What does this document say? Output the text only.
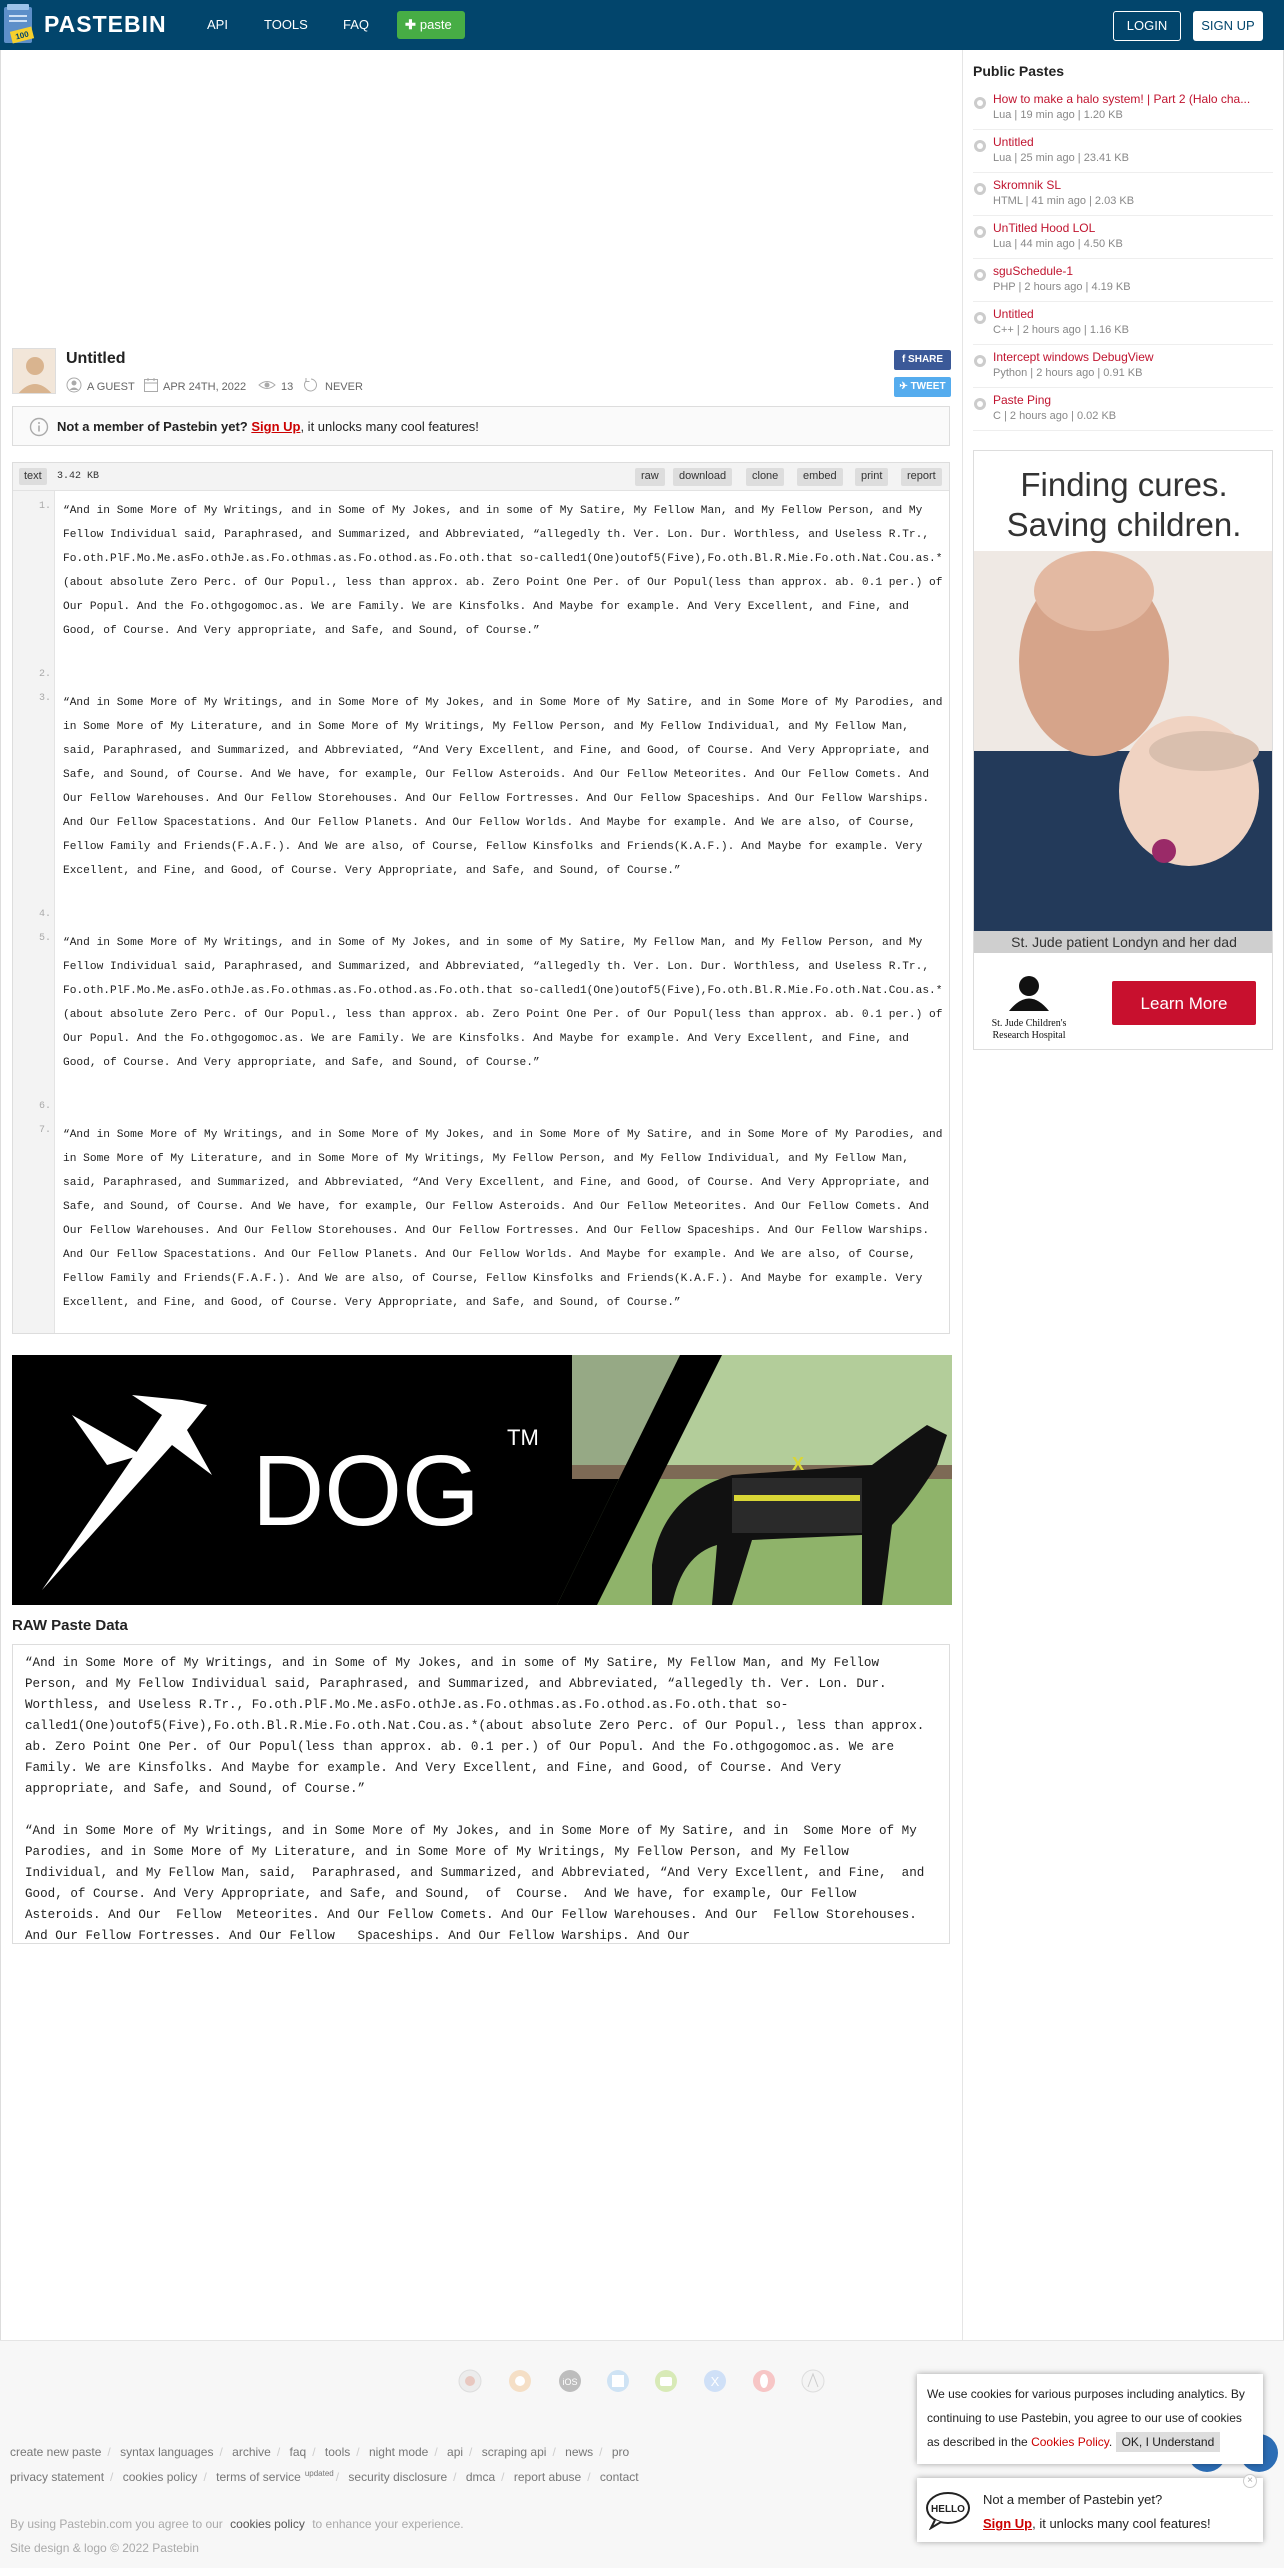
100 PASTEBIN	API	TOOLS	FAQ	✚ paste	LOGIN	SIGN UP
Untitled
A GUEST	APR 24TH, 2022	13	NEVER
f SHARE
✈ TWEET
Not a member of Pastebin yet? Sign Up, it unlocks many cool features!
text	3.42 KB	raw	download	clone	embed	print	report
1.
2.
3.
4.
5.
6.
7.

“And in Some More of My Writings, and in Some of My Jokes, and in some of My Satire, My Fellow Man, and My Fellow Person, and My Fellow Individual said, Paraphrased, and Summarized, and Abbreviated, “allegedly th. Ver. Lon. Dur. Worthless, and Useless R.Tr., Fo.oth.PlF.Mo.Me.asFo.othJe.as.Fo.othmas.as.Fo.othod.as.Fo.oth.that so-called1(One)outof5(Five),Fo.oth.Bl.R.Mie.Fo.oth.Nat.Cou.as.*(about absolute Zero Perc. of Our Popul., less than approx. ab. Zero Point One Per. of Our Popul(less than approx. ab. 0.1 per.) of Our Popul. And the Fo.othgogomoc.as. We are Family. We are Kinsfolks. And Maybe for example. And Very Excellent, and Fine, and Good, of Course. And Very appropriate, and Safe, and Sound, of Course.”

“And in Some More of My Writings, and in Some More of My Jokes, and in Some More of My Satire, and in Some More of My Parodies, and in Some More of My Literature, and in Some More of My Writings, My Fellow Person, and My Fellow Individual, and My Fellow Man, said, Paraphrased, and Summarized, and Abbreviated, “And Very Excellent, and Fine, and Good, of Course. And Very Appropriate, and Safe, and Sound, of Course. And We have, for example, Our Fellow Asteroids. And Our Fellow Meteorites. And Our Fellow Comets. And Our Fellow Warehouses. And Our Fellow Storehouses. And Our Fellow Fortresses. And Our Fellow Spaceships. And Our Fellow Warships. And Our Fellow Spacestations. And Our Fellow Planets. And Our Fellow Worlds. And Maybe for example. And We are also, of Course, Fellow Family and Friends(F.A.F.). And We are also, of Course, Fellow Kinsfolks and Friends(K.A.F.). And Maybe for example. Very Excellent, and Fine, and Good, of Course. Very Appropriate, and Safe, and Sound, of Course.”

“And in Some More of My Writings, and in Some of My Jokes, and in some of My Satire, My Fellow Man, and My Fellow Person, and My Fellow Individual said, Paraphrased, and Summarized, and Abbreviated, “allegedly th. Ver. Lon. Dur. Worthless, and Useless R.Tr., Fo.oth.PlF.Mo.Me.asFo.othJe.as.Fo.othmas.as.Fo.othod.as.Fo.oth.that so-called1(One)outof5(Five),Fo.oth.Bl.R.Mie.Fo.oth.Nat.Cou.as.*(about absolute Zero Perc. of Our Popul., less than approx. ab. Zero Point One Per. of Our Popul(less than approx. ab. 0.1 per.) of Our Popul. And the Fo.othgogomoc.as. We are Family. We are Kinsfolks. And Maybe for example. And Very Excellent, and Fine, and Good, of Course. And Very appropriate, and Safe, and Sound, of Course.”

“And in Some More of My Writings, and in Some More of My Jokes, and in Some More of My Satire, and in Some More of My Parodies, and in Some More of My Literature, and in Some More of My Writings, My Fellow Person, and My Fellow Individual, and My Fellow Man, said, Paraphrased, and Summarized, and Abbreviated, “And Very Excellent, and Fine, and Good, of Course. And Very Appropriate, and Safe, and Sound, of Course. And We have, for example, Our Fellow Asteroids. And Our Fellow Meteorites. And Our Fellow Comets. And Our Fellow Warehouses. And Our Fellow Storehouses. And Our Fellow Fortresses. And Our Fellow Spaceships. And Our Fellow Warships. And Our Fellow Spacestations. And Our Fellow Planets. And Our Fellow Worlds. And Maybe for example. And We are also, of Course, Fellow Family and Friends(F.A.F.). And We are also, of Course, Fellow Kinsfolks and Friends(K.A.F.). And Maybe for example. Very Excellent, and Fine, and Good, of Course. Very Appropriate, and Safe, and Sound, of Course.”

X
DOG TM
RAW Paste Data
“And in Some More of My Writings, and in Some of My Jokes, and in some of My Satire, My Fellow Man, and My Fellow Person, and My Fellow Individual said, Paraphrased, and Summarized, and Abbreviated, “allegedly th. Ver. Lon. Dur. Worthless, and Useless R.Tr., Fo.oth.PlF.Mo.Me.asFo.othJe.as.Fo.othmas.as.Fo.othod.as.Fo.oth.that so-called1(One)outof5(Five),Fo.oth.Bl.R.Mie.Fo.oth.Nat.Cou.as.*(about absolute Zero Perc. of Our Popul., less than approx. ab. Zero Point One Per. of Our Popul(less than approx. ab. 0.1 per.) of Our Popul. And the Fo.othgogomoc.as. We are Family. We are Kinsfolks. And Maybe for example. And Very Excellent, and Fine, and Good, of Course. And Very appropriate, and Safe, and Sound, of Course.”

“And in Some More of My Writings, and in Some More of My Jokes, and in Some More of My Satire, and in  Some More of My Parodies, and in Some More of My Literature, and in Some More of My Writings, My Fellow Person, and My Fellow Individual, and My Fellow Man, said,  Paraphrased, and Summarized, and Abbreviated, “And Very Excellent, and Fine,  and Good, of Course. And Very Appropriate, and Safe, and Sound,  of  Course.  And We have, for example, Our Fellow Asteroids. And Our  Fellow  Meteorites. And Our Fellow Comets. And Our Fellow Warehouses. And Our  Fellow Storehouses. And Our Fellow Fortresses. And Our Fellow   Spaceships. And Our Fellow Warships. And Our
Public Pastes
How to make a halo system! | Part 2 (Halo cha...
Lua | 19 min ago | 1.20 KB
Untitled
Lua | 25 min ago | 23.41 KB
Skromnik SL
HTML | 41 min ago | 2.03 KB
UnTitled Hood LOL
Lua | 44 min ago | 4.50 KB
sguSchedule-1
PHP | 2 hours ago | 4.19 KB
Untitled
C++ | 2 hours ago | 1.16 KB
Intercept windows DebugView
Python | 2 hours ago | 0.91 KB
Paste Ping
C | 2 hours ago | 0.02 KB
Finding cures.
Saving children.
St. Jude patient Londyn and her dad
St. Jude Children's
Research Hospital
Learn More
iOS	X
create new paste / syntax languages / archive / faq / tools / night mode / api / scraping api / news / pro
privacy statement / cookies policy / terms of service $^{updated}$ / security disclosure / dmca / report abuse / contact
By using Pastebin.com you agree to our cookies policy to enhance your experience.
Site design & logo © 2022 Pastebin
We use cookies for various purposes including analytics. By continuing to use Pastebin, you agree to our use of cookies as described in the Cookies Policy. OK, I Understand
HELLO
Not a member of Pastebin yet?
Sign Up, it unlocks many cool features!
×
